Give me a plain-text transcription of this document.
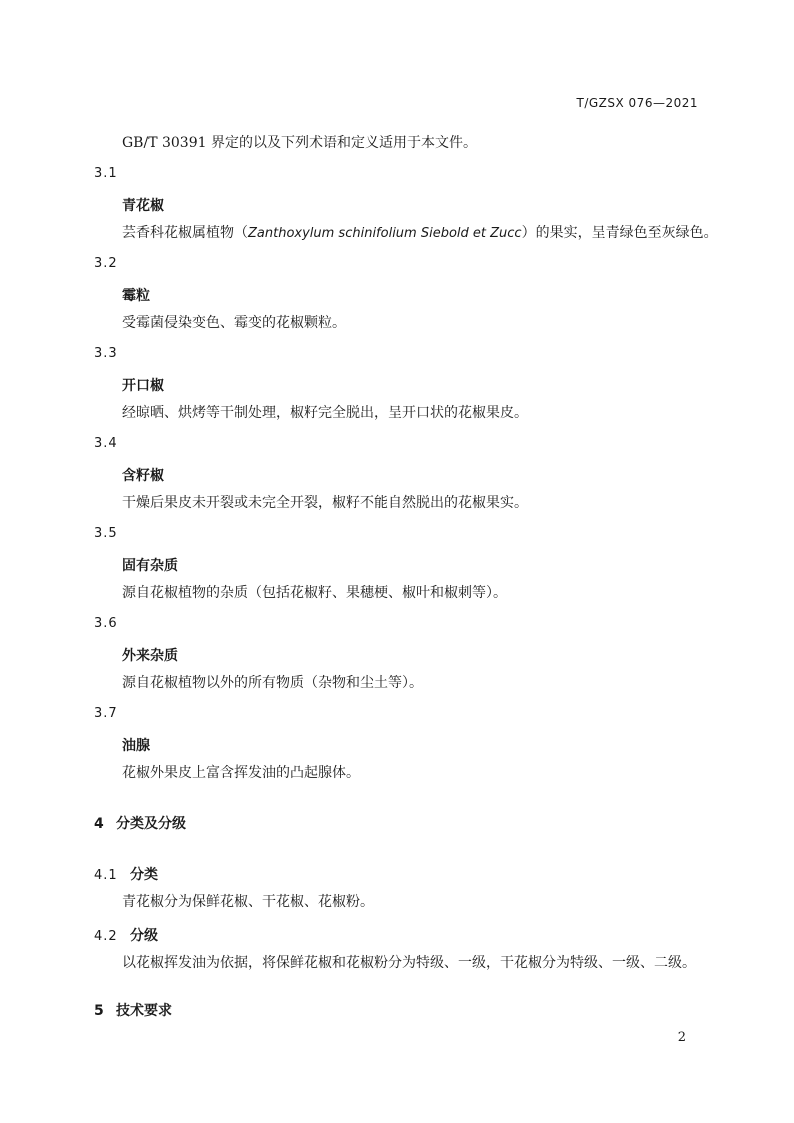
T/GZSX 076—2021
GB/T 30391 界定的以及下列术语和定义适用于本文件。
3.1
青花椒
芸香科花椒属植物（Zanthoxylum schinifolium Siebold et Zucc）的果实，呈青绿色至灰绿色。
3.2
霉粒
受霉菌侵染变色、霉变的花椒颗粒。
3.3
开口椒
经晾晒、烘烤等干制处理，椒籽完全脱出，呈开口状的花椒果皮。
3.4
含籽椒
干燥后果皮未开裂或未完全开裂，椒籽不能自然脱出的花椒果实。
3.5
固有杂质
源自花椒植物的杂质（包括花椒籽、果穗梗、椒叶和椒刺等）。
3.6
外来杂质
源自花椒植物以外的所有物质（杂物和尘土等）。
3.7
油腺
花椒外果皮上富含挥发油的凸起腺体。
4 分类及分级
4.1 分类
青花椒分为保鲜花椒、干花椒、花椒粉。
4.2 分级
以花椒挥发油为依据，将保鲜花椒和花椒粉分为特级、一级，干花椒分为特级、一级、二级。
5 技术要求
2
